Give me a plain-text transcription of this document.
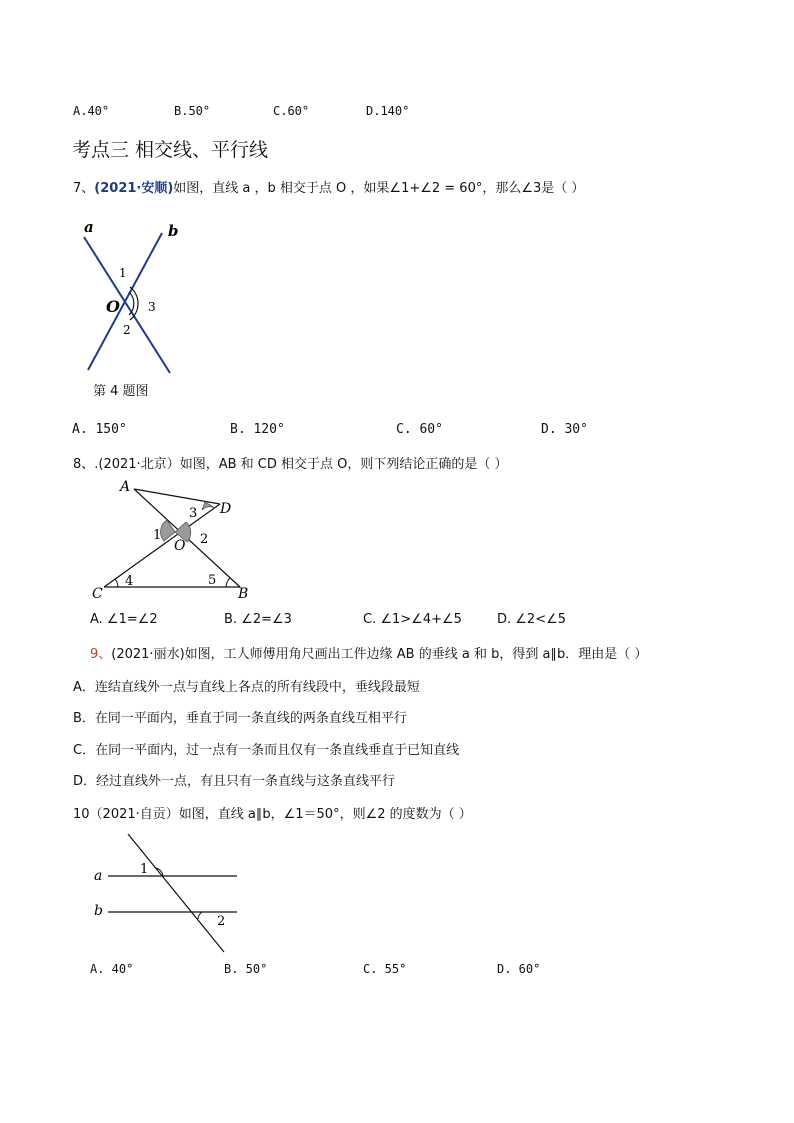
A.40°	B.50°	C.60°	D.140°
考点三 相交线、平行线
7、(2021·安顺)如图，直线 a ，b 相交于点 O ，如果∠1+∠2 = 60°，那么∠3是（ ）
a	b
1
O 3
2
第 4 题图
A. 150°	B. 120°	C. 60°	D. 30°
8、.(2021·北京）如图，AB 和 CD 相交于点 O，则下列结论正确的是（ ）
A
D
3
1	2
O
4	5
C	B
A. ∠1=∠2	B. ∠2=∠3	C. ∠1>∠4+∠5	D. ∠2<∠5
9、(2021·丽水)如图，工人师傅用角尺画出工件边缘 AB 的垂线 a 和 b，得到 a∥b．理由是（ ）
A．连结直线外一点与直线上各点的所有线段中，垂线段最短
B．在同一平面内，垂直于同一条直线的两条直线互相平行
C．在同一平面内，过一点有一条而且仅有一条直线垂直于已知直线
D．经过直线外一点，有且只有一条直线与这条直线平行
10（2021·自贡）如图，直线 a∥b，∠1＝50°，则∠2 的度数为（ ）
a
b
1
2
A. 40°	B. 50°	C. 55°	D. 60°
